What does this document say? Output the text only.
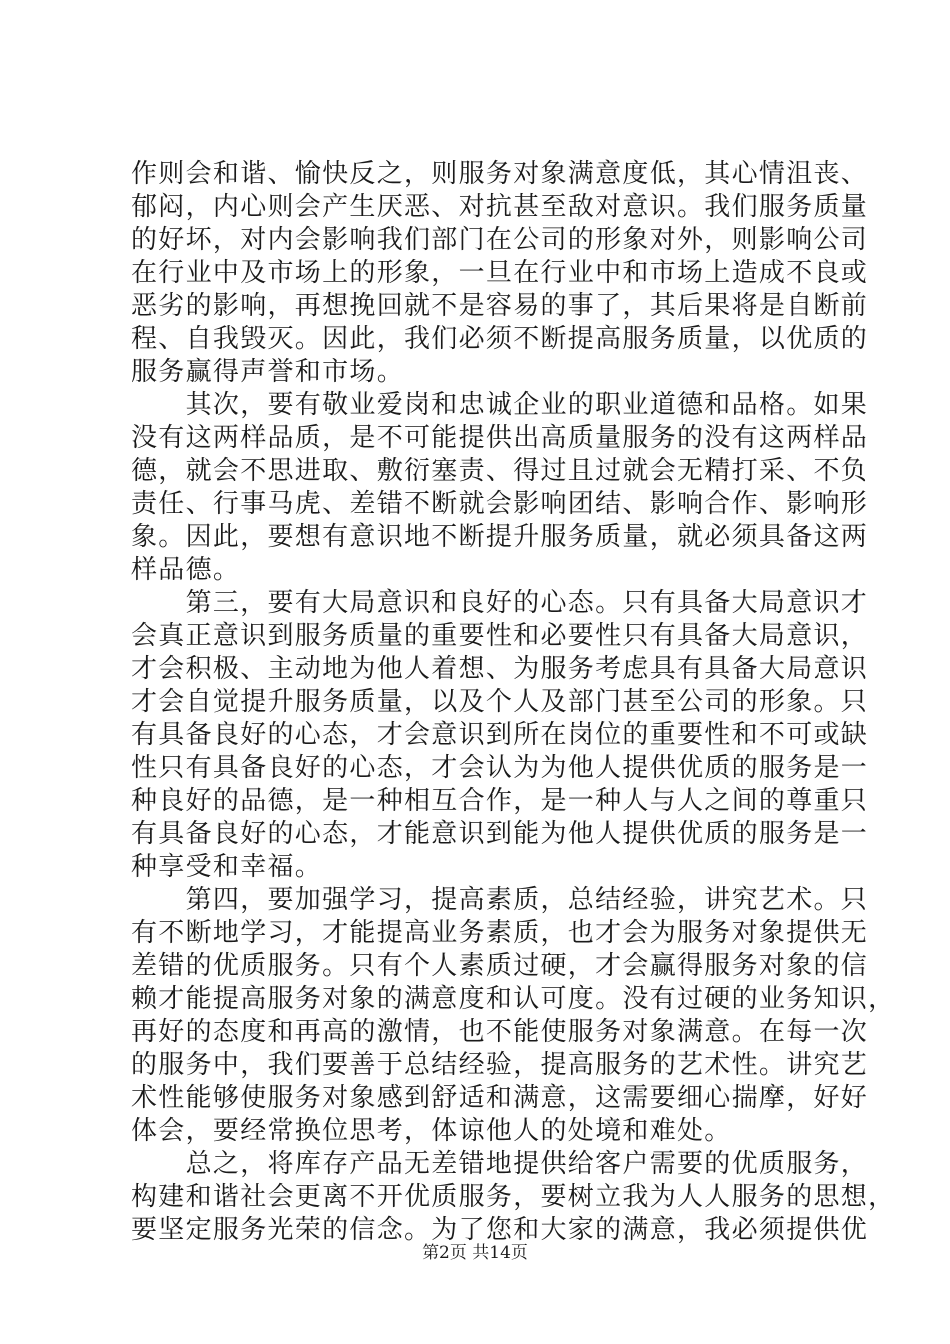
作则会和谐、愉快反之，则服务对象满意度低，其心情沮丧、
郁闷，内心则会产生厌恶、对抗甚至敌对意识。我们服务质量
的好坏，对内会影响我们部门在公司的形象对外，则影响公司
在行业中及市场上的形象，一旦在行业中和市场上造成不良或
恶劣的影响，再想挽回就不是容易的事了，其后果将是自断前
程、自我毁灭。因此，我们必须不断提高服务质量，以优质的
服务赢得声誉和市场。
　　其次，要有敬业爱岗和忠诚企业的职业道德和品格。如果
没有这两样品质，是不可能提供出高质量服务的没有这两样品
德，就会不思进取、敷衍塞责、得过且过就会无精打采、不负
责任、行事马虎、差错不断就会影响团结、影响合作、影响形
象。因此，要想有意识地不断提升服务质量，就必须具备这两
样品德。
　　第三，要有大局意识和良好的心态。只有具备大局意识才
会真正意识到服务质量的重要性和必要性只有具备大局意识，
才会积极、主动地为他人着想、为服务考虑具有具备大局意识
才会自觉提升服务质量，以及个人及部门甚至公司的形象。只
有具备良好的心态，才会意识到所在岗位的重要性和不可或缺
性只有具备良好的心态，才会认为为他人提供优质的服务是一
种良好的品德，是一种相互合作，是一种人与人之间的尊重只
有具备良好的心态，才能意识到能为他人提供优质的服务是一
种享受和幸福。
　　第四，要加强学习，提高素质，总结经验，讲究艺术。只
有不断地学习，才能提高业务素质，也才会为服务对象提供无
差错的优质服务。只有个人素质过硬，才会赢得服务对象的信
赖才能提高服务对象的满意度和认可度。没有过硬的业务知识，
再好的态度和再高的激情，也不能使服务对象满意。在每一次
的服务中，我们要善于总结经验，提高服务的艺术性。讲究艺
术性能够使服务对象感到舒适和满意，这需要细心揣摩，好好
体会，要经常换位思考，体谅他人的处境和难处。
　　总之，将库存产品无差错地提供给客户需要的优质服务，
构建和谐社会更离不开优质服务，要树立我为人人服务的思想，
要坚定服务光荣的信念。为了您和大家的满意，我必须提供优
第2页 共14页
